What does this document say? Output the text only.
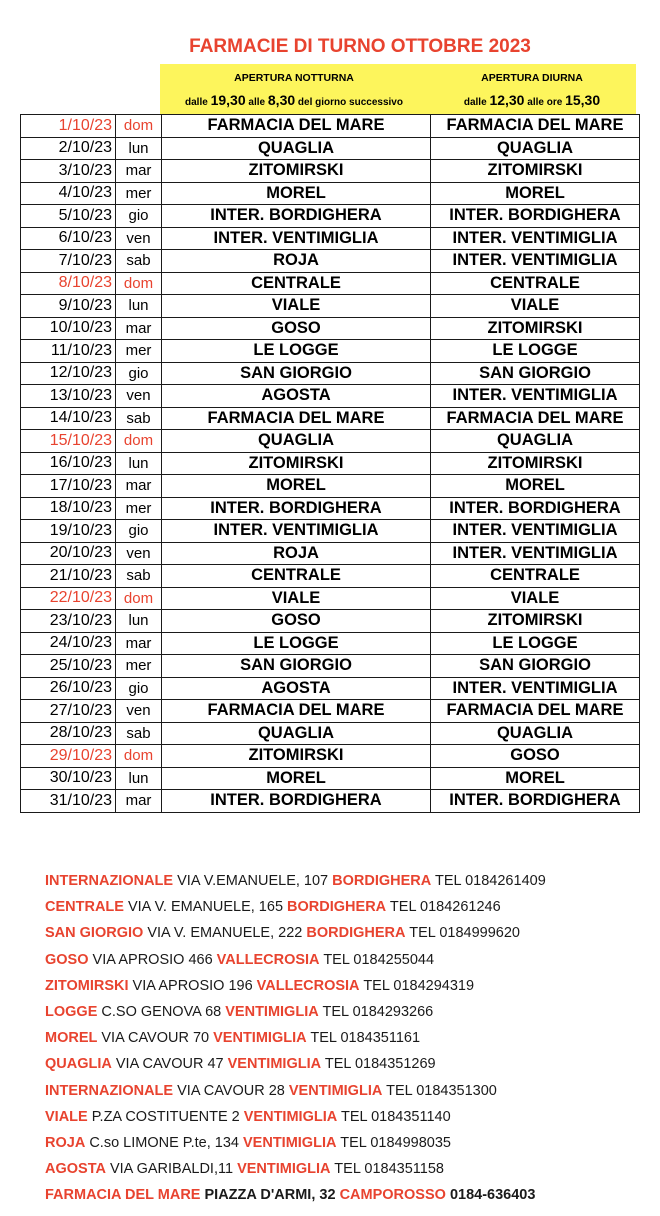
FARMACIE DI TURNO OTTOBRE 2023
APERTURA NOTTURNA
dalle 19,30 alle 8,30 del giorno successivo
APERTURA DIURNA
dalle 12,30 alle ore 15,30
1/10/23	dom	FARMACIA DEL MARE	FARMACIA DEL MARE
2/10/23	lun	QUAGLIA	QUAGLIA
3/10/23	mar	ZITOMIRSKI	ZITOMIRSKI
4/10/23	mer	MOREL	MOREL
5/10/23	gio	INTER. BORDIGHERA	INTER. BORDIGHERA
6/10/23	ven	INTER. VENTIMIGLIA	INTER. VENTIMIGLIA
7/10/23	sab	ROJA	INTER. VENTIMIGLIA
8/10/23	dom	CENTRALE	CENTRALE
9/10/23	lun	VIALE	VIALE
10/10/23	mar	GOSO	ZITOMIRSKI
11/10/23	mer	LE LOGGE	LE LOGGE
12/10/23	gio	SAN GIORGIO	SAN GIORGIO
13/10/23	ven	AGOSTA	INTER. VENTIMIGLIA
14/10/23	sab	FARMACIA DEL MARE	FARMACIA DEL MARE
15/10/23	dom	QUAGLIA	QUAGLIA
16/10/23	lun	ZITOMIRSKI	ZITOMIRSKI
17/10/23	mar	MOREL	MOREL
18/10/23	mer	INTER. BORDIGHERA	INTER. BORDIGHERA
19/10/23	gio	INTER. VENTIMIGLIA	INTER. VENTIMIGLIA
20/10/23	ven	ROJA	INTER. VENTIMIGLIA
21/10/23	sab	CENTRALE	CENTRALE
22/10/23	dom	VIALE	VIALE
23/10/23	lun	GOSO	ZITOMIRSKI
24/10/23	mar	LE LOGGE	LE LOGGE
25/10/23	mer	SAN GIORGIO	SAN GIORGIO
26/10/23	gio	AGOSTA	INTER. VENTIMIGLIA
27/10/23	ven	FARMACIA DEL MARE	FARMACIA DEL MARE
28/10/23	sab	QUAGLIA	QUAGLIA
29/10/23	dom	ZITOMIRSKI	GOSO
30/10/23	lun	MOREL	MOREL
31/10/23	mar	INTER. BORDIGHERA	INTER. BORDIGHERA
INTERNAZIONALE VIA V.EMANUELE, 107 BORDIGHERA TEL 0184261409
CENTRALE VIA V. EMANUELE, 165 BORDIGHERA TEL 0184261246
SAN GIORGIO VIA V. EMANUELE, 222 BORDIGHERA TEL 0184999620
GOSO VIA APROSIO 466 VALLECROSIA TEL 0184255044
ZITOMIRSKI VIA APROSIO 196 VALLECROSIA TEL 0184294319
LOGGE C.SO GENOVA 68 VENTIMIGLIA TEL 0184293266
MOREL VIA CAVOUR 70 VENTIMIGLIA TEL 0184351161
QUAGLIA VIA CAVOUR 47 VENTIMIGLIA TEL 0184351269
INTERNAZIONALE VIA CAVOUR 28 VENTIMIGLIA TEL 0184351300
VIALE P.ZA COSTITUENTE 2 VENTIMIGLIA TEL 0184351140
ROJA C.so LIMONE P.te, 134 VENTIMIGLIA TEL 0184998035
AGOSTA VIA GARIBALDI,11 VENTIMIGLIA TEL 0184351158
FARMACIA DEL MARE PIAZZA D'ARMI, 32 CAMPOROSSO 0184-636403
